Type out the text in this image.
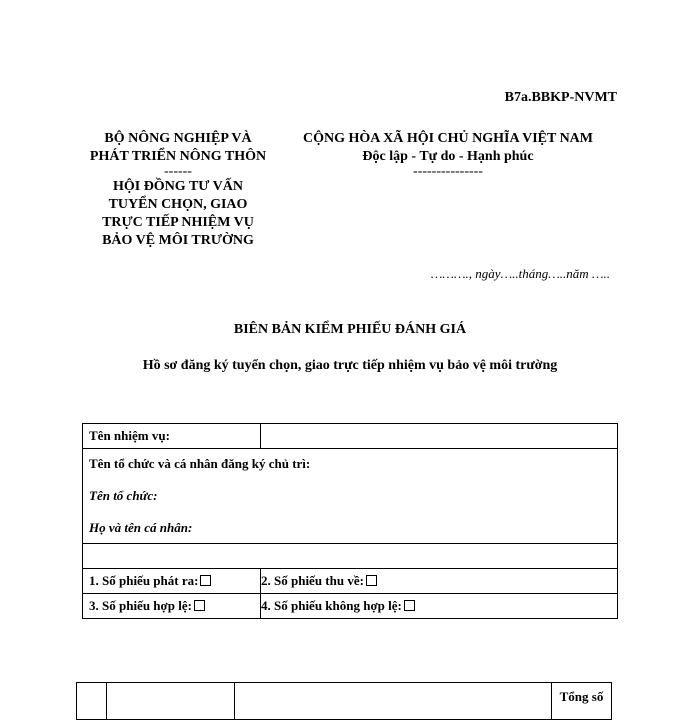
B7a.BBKP-NVMT
BỘ NÔNG NGHIỆP VÀ
PHÁT TRIỂN NÔNG THÔN
------
HỘI ĐỒNG TƯ VẤN
TUYỂN CHỌN, GIAO
TRỰC TIẾP NHIỆM VỤ
BẢO VỆ MÔI TRƯỜNG
CỘNG HÒA XÃ HỘI CHỦ NGHĨA VIỆT NAM
Độc lập - Tự do - Hạnh phúc
---------------
………., ngày…..tháng…..năm …..
BIÊN BẢN KIỂM PHIẾU ĐÁNH GIÁ
Hồ sơ đăng ký tuyển chọn, giao trực tiếp nhiệm vụ bảo vệ môi trường
Tên nhiệm vụ:	
Tên tổ chức và cá nhân đăng ký chủ trì:	
Tên tổ chức:	
Họ và tên cá nhân:	

1. Số phiếu phát ra:	2. Số phiếu thu về:
3. Số phiếu hợp lệ:	4. Số phiếu không hợp lệ:
			Tổng số
